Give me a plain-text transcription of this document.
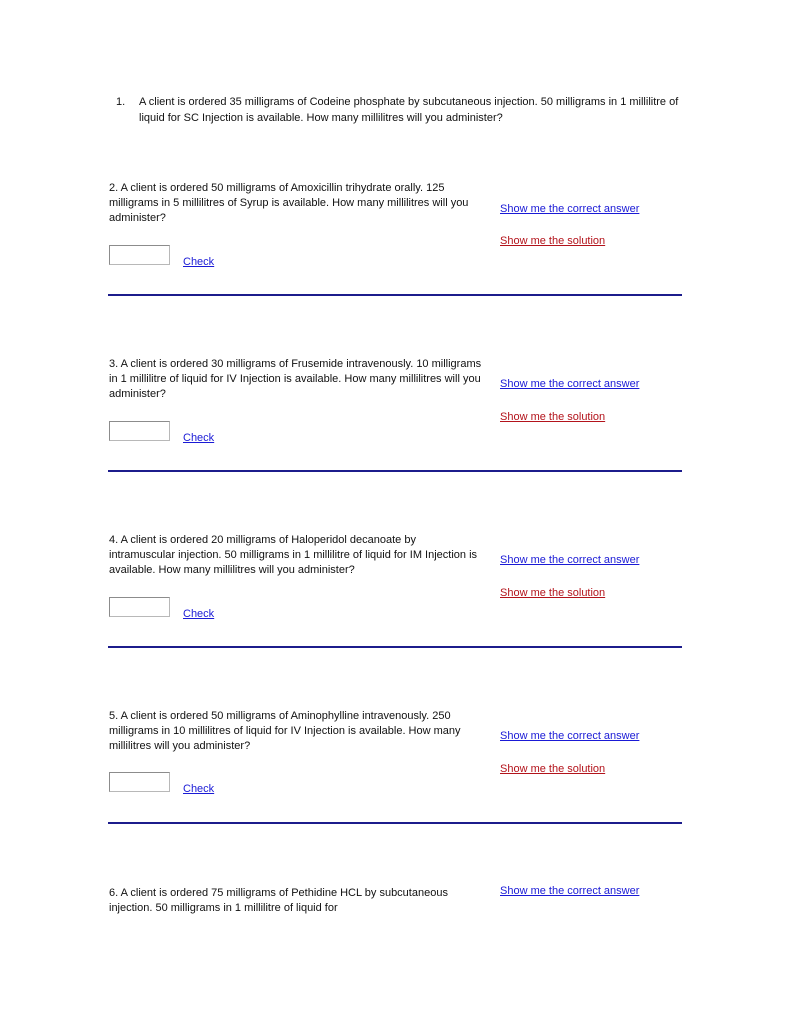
1. A client is ordered 35 milligrams of Codeine phosphate by subcutaneous injection. 50 milligrams in 1 millilitre of liquid for SC Injection is available. How many millilitres will you administer?
2. A client is ordered 50 milligrams of Amoxicillin trihydrate orally. 125 milligrams in 5 millilitres of Syrup is available. How many millilitres will you administer?
Check
Show me the correct answer
Show me the solution
3. A client is ordered 30 milligrams of Frusemide intravenously. 10 milligrams in 1 millilitre of liquid for IV Injection is available. How many millilitres will you administer?
Check
Show me the correct answer
Show me the solution
4. A client is ordered 20 milligrams of Haloperidol decanoate by intramuscular injection. 50 milligrams in 1 millilitre of liquid for IM Injection is available. How many millilitres will you administer?
Check
Show me the correct answer
Show me the solution
5. A client is ordered 50 milligrams of Aminophylline intravenously. 250 milligrams in 10 millilitres of liquid for IV Injection is available. How many millilitres will you administer?
Check
Show me the correct answer
Show me the solution
6. A client is ordered 75 milligrams of Pethidine HCL by subcutaneous injection. 50 milligrams in 1 millilitre of liquid for
Show me the correct answer
